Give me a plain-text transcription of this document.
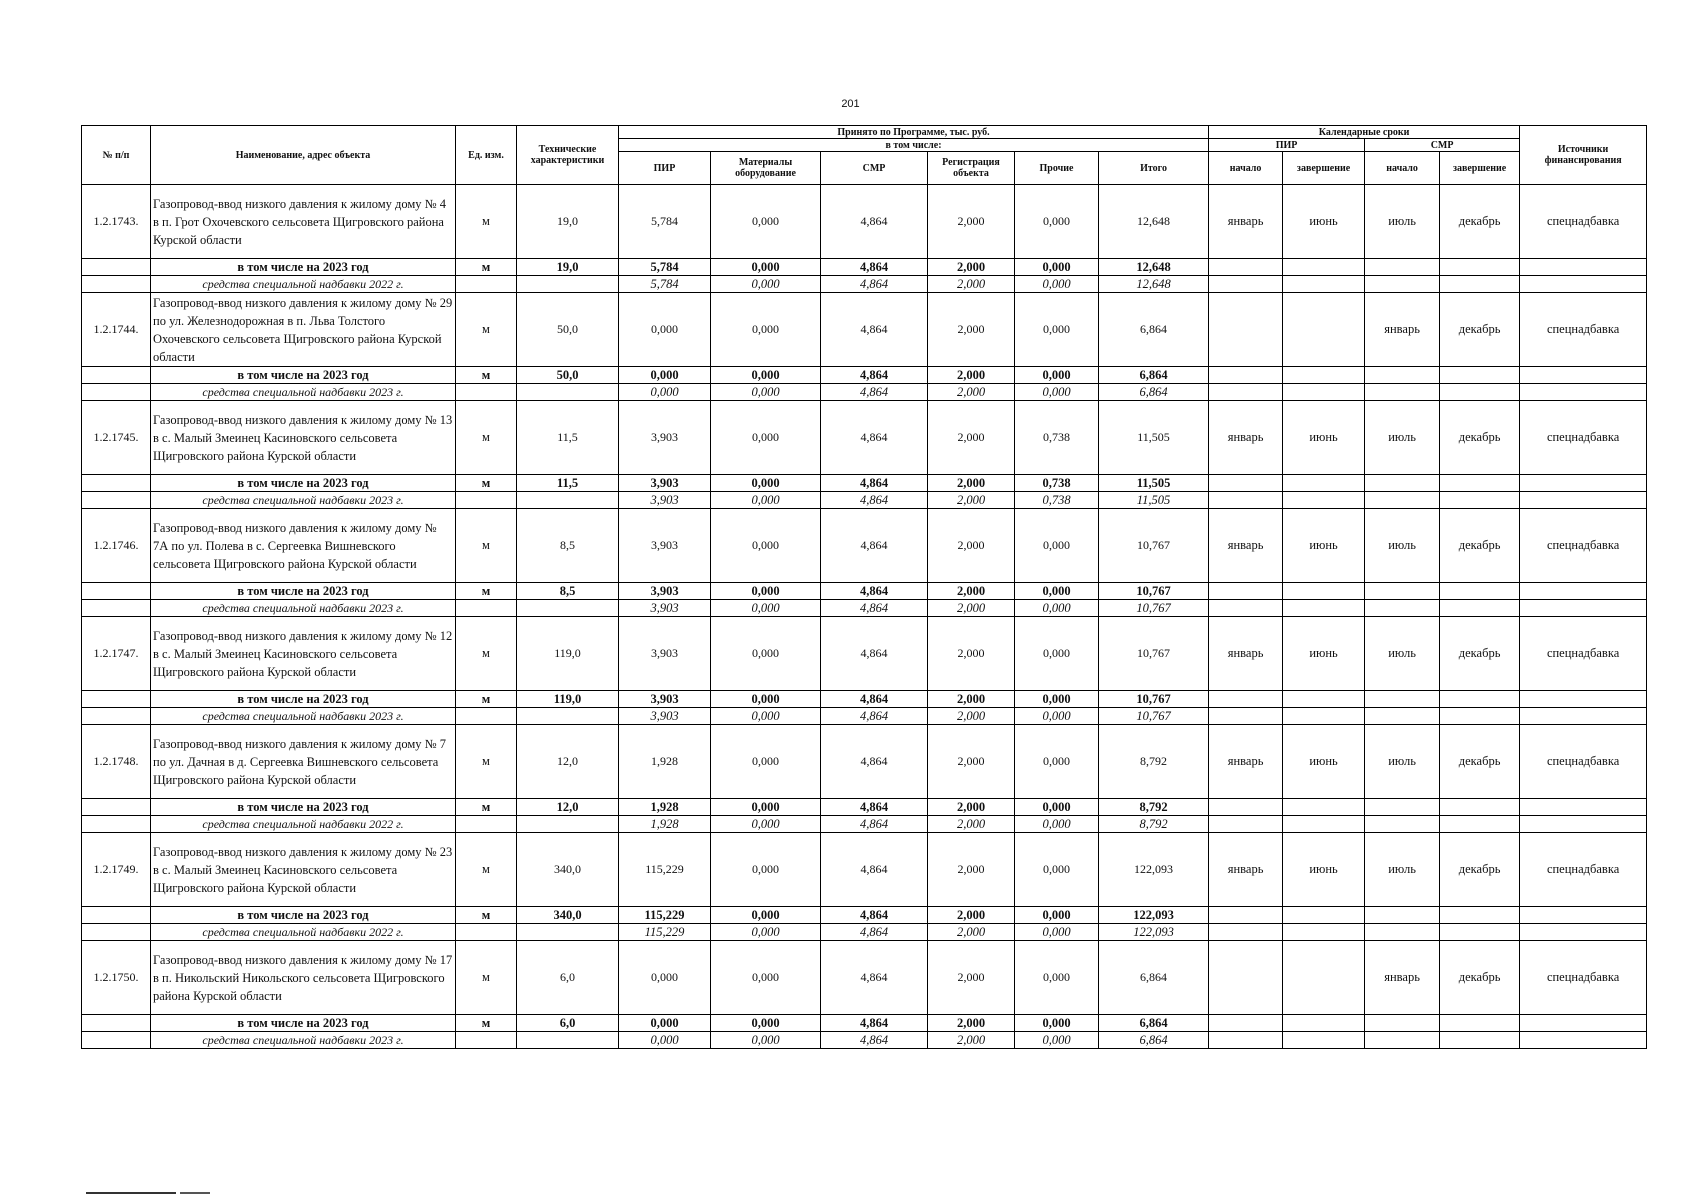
201
№ п/п	Наименование, адрес объекта	Ед. изм.	Технические характеристики	Принято по Программе, тыс. руб.						Календарные сроки				Источники финансирования
				в том числе:						ПИР		СМР		
				ПИР	Материалы оборудование	СМР	Регистрация объекта	Прочие	Итого	начало	завершение	начало	завершение	
1.2.1743.	Газопровод-ввод низкого давления к жилому дому № 4 в п. Грот Охочевского сельсовета Щигровского района Курской области	м	19,0	5,784	0,000	4,864	2,000	0,000	12,648	январь	июнь	июль	декабрь	спецнадбавка
	в том числе на 2023 год	м	19,0	5,784	0,000	4,864	2,000	0,000	12,648					
	средства специальной надбавки 2022 г.			5,784	0,000	4,864	2,000	0,000	12,648					
1.2.1744.	Газопровод-ввод низкого давления к жилому дому № 29 по ул. Железнодорожная в п. Льва Толстого Охочевского сельсовета Щигровского района Курской области	м	50,0	0,000	0,000	4,864	2,000	0,000	6,864			январь	декабрь	спецнадбавка
	в том числе на 2023 год	м	50,0	0,000	0,000	4,864	2,000	0,000	6,864					
	средства специальной надбавки 2023 г.			0,000	0,000	4,864	2,000	0,000	6,864					
1.2.1745.	Газопровод-ввод низкого давления к жилому дому № 13 в с. Малый Змеинец Касиновского сельсовета Щигровского района Курской области	м	11,5	3,903	0,000	4,864	2,000	0,738	11,505	январь	июнь	июль	декабрь	спецнадбавка
	в том числе на 2023 год	м	11,5	3,903	0,000	4,864	2,000	0,738	11,505					
	средства специальной надбавки 2023 г.			3,903	0,000	4,864	2,000	0,738	11,505					
1.2.1746.	Газопровод-ввод низкого давления к жилому дому № 7А по ул. Полева в с. Сергеевка Вишневского сельсовета Щигровского района Курской области	м	8,5	3,903	0,000	4,864	2,000	0,000	10,767	январь	июнь	июль	декабрь	спецнадбавка
	в том числе на 2023 год	м	8,5	3,903	0,000	4,864	2,000	0,000	10,767					
	средства специальной надбавки 2023 г.			3,903	0,000	4,864	2,000	0,000	10,767					
1.2.1747.	Газопровод-ввод низкого давления к жилому дому № 12 в с. Малый Змеинец Касиновского сельсовета Щигровского района Курской области	м	119,0	3,903	0,000	4,864	2,000	0,000	10,767	январь	июнь	июль	декабрь	спецнадбавка
	в том числе на 2023 год	м	119,0	3,903	0,000	4,864	2,000	0,000	10,767					
	средства специальной надбавки 2023 г.			3,903	0,000	4,864	2,000	0,000	10,767					
1.2.1748.	Газопровод-ввод низкого давления к жилому дому № 7 по ул. Дачная в д. Сергеевка Вишневского сельсовета Щигровского района Курской области	м	12,0	1,928	0,000	4,864	2,000	0,000	8,792	январь	июнь	июль	декабрь	спецнадбавка
	в том числе на 2023 год	м	12,0	1,928	0,000	4,864	2,000	0,000	8,792					
	средства специальной надбавки 2022 г.			1,928	0,000	4,864	2,000	0,000	8,792					
1.2.1749.	Газопровод-ввод низкого давления к жилому дому № 23 в с. Малый Змеинец Касиновского сельсовета Щигровского района Курской области	м	340,0	115,229	0,000	4,864	2,000	0,000	122,093	январь	июнь	июль	декабрь	спецнадбавка
	в том числе на 2023 год	м	340,0	115,229	0,000	4,864	2,000	0,000	122,093					
	средства специальной надбавки 2022 г.			115,229	0,000	4,864	2,000	0,000	122,093					
1.2.1750.	Газопровод-ввод низкого давления к жилому дому № 17 в п. Никольский Никольского сельсовета Щигровского района Курской области	м	6,0	0,000	0,000	4,864	2,000	0,000	6,864			январь	декабрь	спецнадбавка
	в том числе на 2023 год	м	6,0	0,000	0,000	4,864	2,000	0,000	6,864					
	средства специальной надбавки 2023 г.			0,000	0,000	4,864	2,000	0,000	6,864					
